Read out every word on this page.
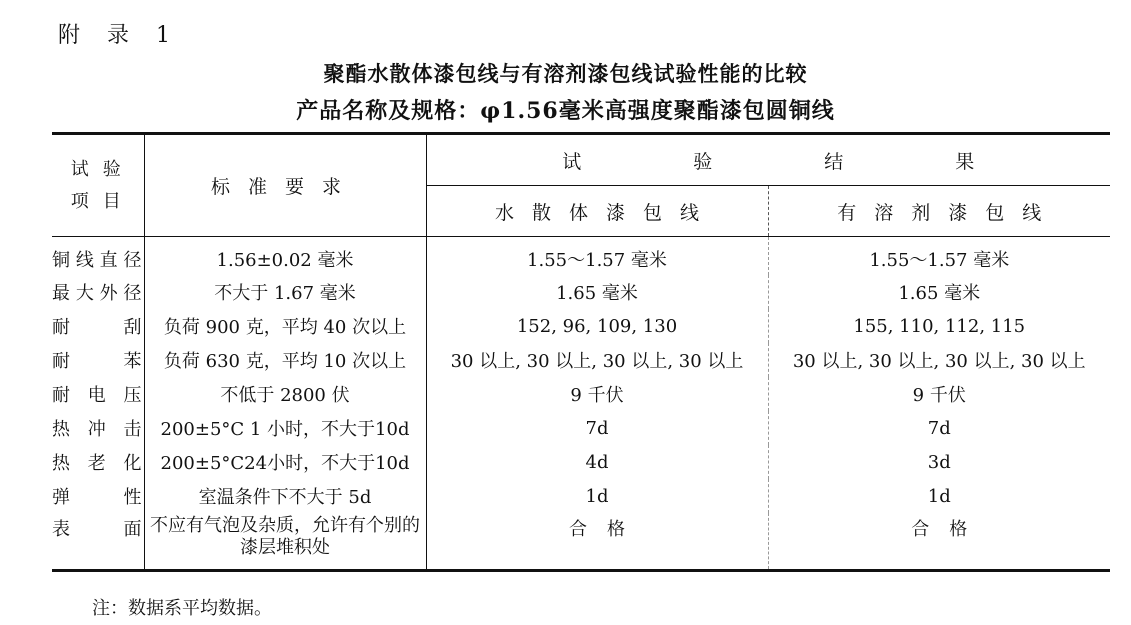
附 录 1
聚酯水散体漆包线与有溶剂漆包线试验性能的比较
产品名称及规格：φ1.56毫米高强度聚酯漆包圆铜线
试验
项目	标准要求	试验结果	
		水散体漆包线	有溶剂漆包线
铜线直径	1.56±0.02 毫米	1.55～1.57 毫米	1.55～1.57 毫米
最大外径	不大于 1.67 毫米	1.65 毫米	1.65 毫米
耐刮	负荷 900 克，平均 40 次以上	152, 96, 109, 130	155, 110, 112, 115
耐苯	负荷 630 克，平均 10 次以上	30 以上, 30 以上, 30 以上, 30 以上	30 以上, 30 以上, 30 以上, 30 以上
耐电压	不低于 2800 伏	9 千伏	9 千伏
热冲击	200±5°C 1 小时，不大于10d	7d	7d
热老化	200±5°C24小时，不大于10d	4d	3d
弹性	室温条件下不大于 5d	1d	1d
表面	不应有气泡及杂质，允许有个别的漆层堆积处	合格	合格
注：数据系平均数据。
